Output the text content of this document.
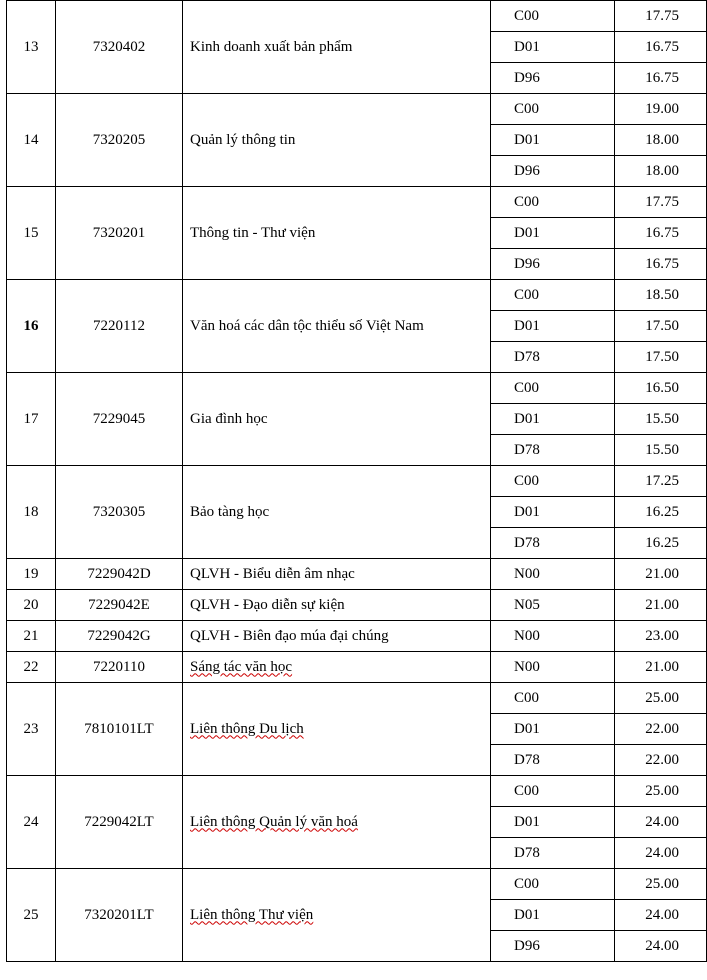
13	7320402	Kinh doanh xuất bản phẩm	C00	17.75
			D01	16.75
			D96	16.75
14	7320205	Quản lý thông tin	C00	19.00
			D01	18.00
			D96	18.00
15	7320201	Thông tin - Thư viện	C00	17.75
			D01	16.75
			D96	16.75
16	7220112	Văn hoá các dân tộc thiểu số Việt Nam	C00	18.50
			D01	17.50
			D78	17.50
17	7229045	Gia đình học	C00	16.50
			D01	15.50
			D78	15.50
18	7320305	Bảo tàng học	C00	17.25
			D01	16.25
			D78	16.25
19	7229042D	QLVH - Biểu diễn âm nhạc	N00	21.00
20	7229042E	QLVH - Đạo diễn sự kiện	N05	21.00
21	7229042G	QLVH - Biên đạo múa đại chúng	N00	23.00
22	7220110	Sáng tác văn học	N00	21.00
23	7810101LT	Liên thông Du lịch	C00	25.00
			D01	22.00
			D78	22.00
24	7229042LT	Liên thông Quản lý văn hoá	C00	25.00
			D01	24.00
			D78	24.00
25	7320201LT	Liên thông Thư viện	C00	25.00
			D01	24.00
			D96	24.00
